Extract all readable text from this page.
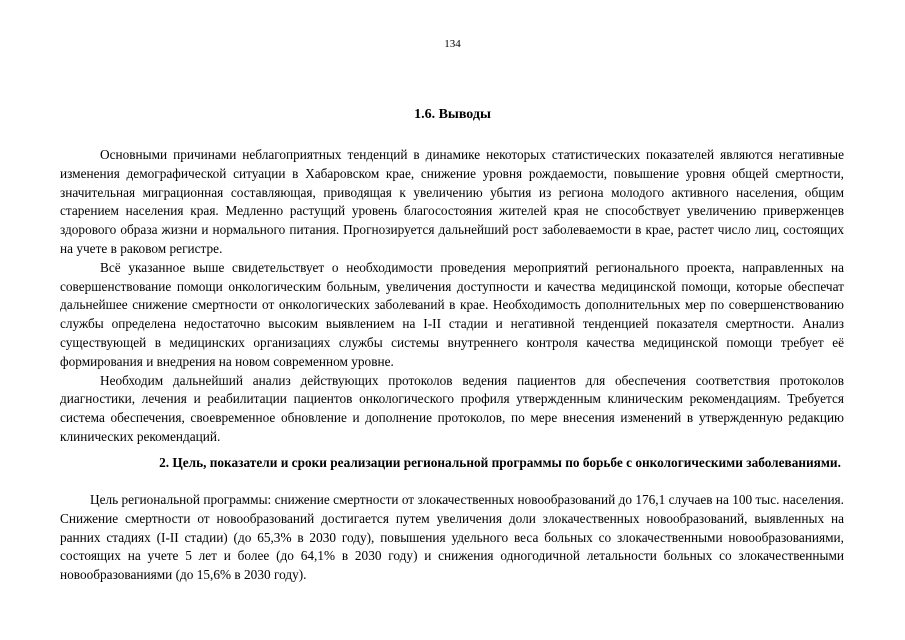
134
1.6. Выводы

Основными причинами неблагоприятных тенденций в динамике некоторых статистических показателей являются негативные изменения демографической ситуации в Хабаровском крае, снижение уровня рождаемости, повышение уровня общей смертности, значительная миграционная составляющая, приводящая к увеличению убытия из региона молодого активного населения, общим старением населения края. Медленно растущий уровень благосостояния жителей края не способствует увеличению приверженцев здорового образа жизни и нормального питания. Прогнозируется дальнейший рост заболеваемости в крае, растет число лиц, состоящих на учете в раковом регистре.

Всё указанное выше свидетельствует о необходимости проведения мероприятий регионального проекта, направленных на совершенствование помощи онкологическим больным, увеличения доступности и качества медицинской помощи, которые обеспечат дальнейшее снижение смертности от онкологических заболеваний в крае. Необходимость дополнительных мер по совершенствованию службы определена недостаточно высоким выявлением на I-II стадии и негативной тенденцией показателя смертности. Анализ существующей в медицинских организациях службы системы внутреннего контроля качества медицинской помощи требует её формирования и внедрения на новом современном уровне.

Необходим дальнейший анализ действующих протоколов ведения пациентов для обеспечения соответствия протоколов диагностики, лечения и реабилитации пациентов онкологического профиля утвержденным клиническим рекомендациям. Требуется система обеспечения, своевременное обновление и дополнение протоколов, по мере внесения изменений в утвержденную редакцию клинических рекомендаций.

2. Цель, показатели и сроки реализации региональной программы по борьбе с онкологическими заболеваниями.

Цель региональной программы: снижение смертности от злокачественных новообразований до 176,1 случаев на 100 тыс. населения. Снижение смертности от новообразований достигается путем увеличения доли злокачественных новообразований, выявленных на ранних стадиях (I-II стадии) (до 65,3% в 2030 году), повышения удельного веса больных со злокачественными новообразованиями, состоящих на учете 5 лет и более (до 64,1% в 2030 году) и снижения одногодичной летальности больных со злокачественными новообразованиями (до 15,6% в 2030 году).
